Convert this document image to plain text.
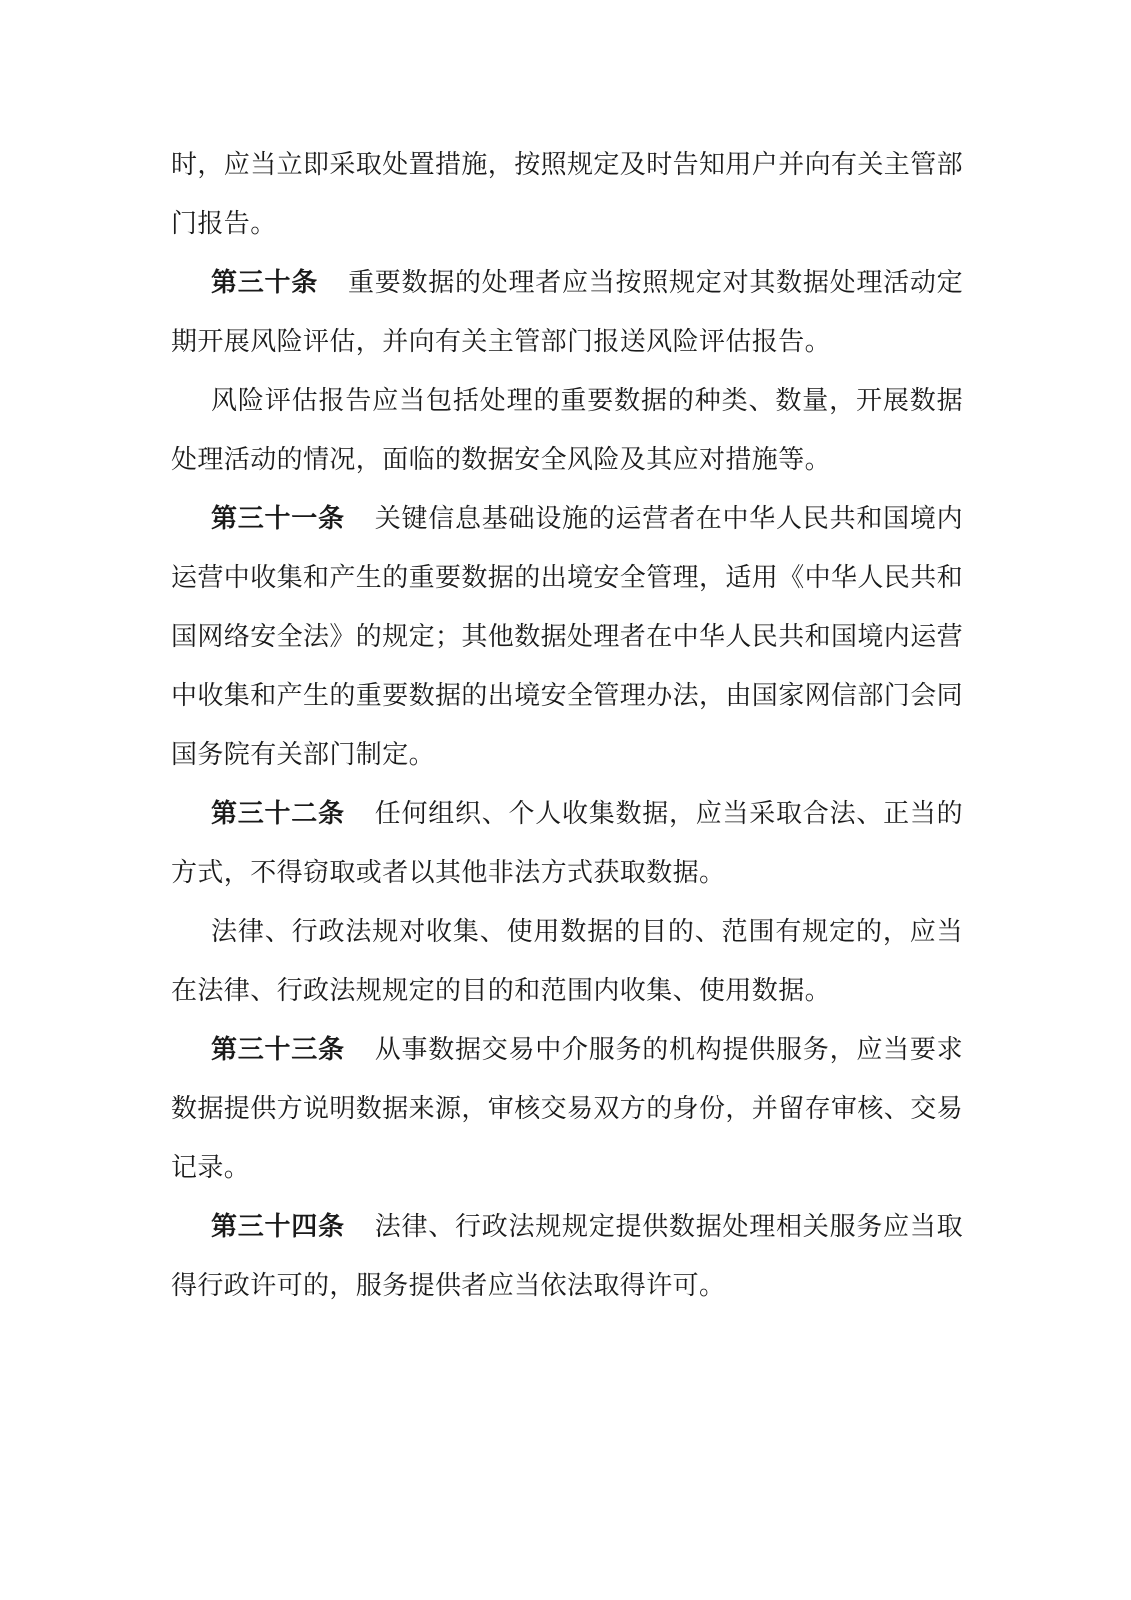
时，应当立即采取处置措施，按照规定及时告知用户并向有关主管部门报告。

第三十条 重要数据的处理者应当按照规定对其数据处理活动定期开展风险评估，并向有关主管部门报送风险评估报告。

风险评估报告应当包括处理的重要数据的种类、数量，开展数据处理活动的情况，面临的数据安全风险及其应对措施等。

第三十一条 关键信息基础设施的运营者在中华人民共和国境内运营中收集和产生的重要数据的出境安全管理，适用《中华人民共和国网络安全法》的规定；其他数据处理者在中华人民共和国境内运营中收集和产生的重要数据的出境安全管理办法，由国家网信部门会同国务院有关部门制定。

第三十二条 任何组织、个人收集数据，应当采取合法、正当的方式，不得窃取或者以其他非法方式获取数据。

法律、行政法规对收集、使用数据的目的、范围有规定的，应当在法律、行政法规规定的目的和范围内收集、使用数据。

第三十三条 从事数据交易中介服务的机构提供服务，应当要求数据提供方说明数据来源，审核交易双方的身份，并留存审核、交易记录。

第三十四条 法律、行政法规规定提供数据处理相关服务应当取得行政许可的，服务提供者应当依法取得许可。
